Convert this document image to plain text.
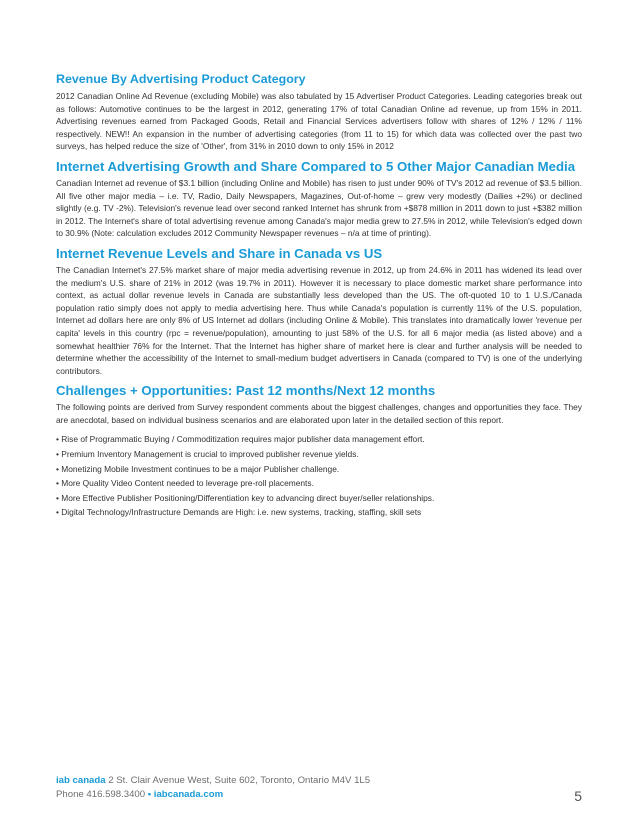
Revenue By Advertising Product Category

2012 Canadian Online Ad Revenue (excluding Mobile) was also tabulated by 15 Advertiser Product Categories. Leading categories break out as follows: Automotive continues to be the largest in 2012, generating 17% of total Canadian Online ad revenue, up from 15% in 2011. Advertising revenues earned from Packaged Goods, Retail and Financial Services advertisers follow with shares of 12% / 12% / 11% respectively. NEW!! An expansion in the number of advertising categories (from 11 to 15) for which data was collected over the past two surveys, has helped reduce the size of 'Other', from 31% in 2010 down to only 15% in 2012

Internet Advertising Growth and Share Compared to 5 Other Major Canadian Media

Canadian Internet ad revenue of $3.1 billion (including Online and Mobile) has risen to just under 90% of TV's 2012 ad revenue of $3.5 billion. All five other major media – i.e. TV, Radio, Daily Newspapers, Magazines, Out-of-home – grew very modestly (Dailies +2%) or declined slightly (e.g. TV -2%). Television's revenue lead over second ranked Internet has shrunk from +$878 million in 2011 down to just +$382 million in 2012. The Internet's share of total advertising revenue among Canada's major media grew to 27.5% in 2012, while Television's edged down to 30.9% (Note: calculation excludes 2012 Community Newspaper revenues – n/a at time of printing).

Internet Revenue Levels and Share in Canada vs US

The Canadian Internet's 27.5% market share of major media advertising revenue in 2012, up from 24.6% in 2011 has widened its lead over the medium's U.S. share of 21% in 2012 (was 19.7% in 2011). However it is necessary to place domestic market share performance into context, as actual dollar revenue levels in Canada are substantially less developed than the US. The oft-quoted 10 to 1 U.S./Canada population ratio simply does not apply to media advertising here. Thus while Canada's population is currently 11% of the U.S. population, Internet ad dollars here are only 8% of US Internet ad dollars (including Online & Mobile). This translates into dramatically lower 'revenue per capita' levels in this country (rpc = revenue/population), amounting to just 58% of the U.S. for all 6 major media (as listed above) and a somewhat healthier 76% for the Internet. That the Internet has higher share of market here is clear and further analysis will be needed to determine whether the accessibility of the Internet to small-medium budget advertisers in Canada (compared to TV) is one of the underlying contributors.

Challenges + Opportunities: Past 12 months/Next 12 months

The following points are derived from Survey respondent comments about the biggest challenges, changes and opportunities they face. They are anecdotal, based on individual business scenarios and are elaborated upon later in the detailed section of this report.

• Rise of Programmatic Buying / Commoditization requires major publisher data management effort.
• Premium Inventory Management is crucial to improved publisher revenue yields.
• Monetizing Mobile Investment continues to be a major Publisher challenge.
• More Quality Video Content needed to leverage pre-roll placements.
• More Effective Publisher Positioning/Differentiation key to advancing direct buyer/seller relationships.
• Digital Technology/Infrastructure Demands are High: i.e. new systems, tracking, staffing, skill sets
iab canada 2 St. Clair Avenue West, Suite 602, Toronto, Ontario M4V 1L5
Phone 416.598.3400 • iabcanada.com	5
